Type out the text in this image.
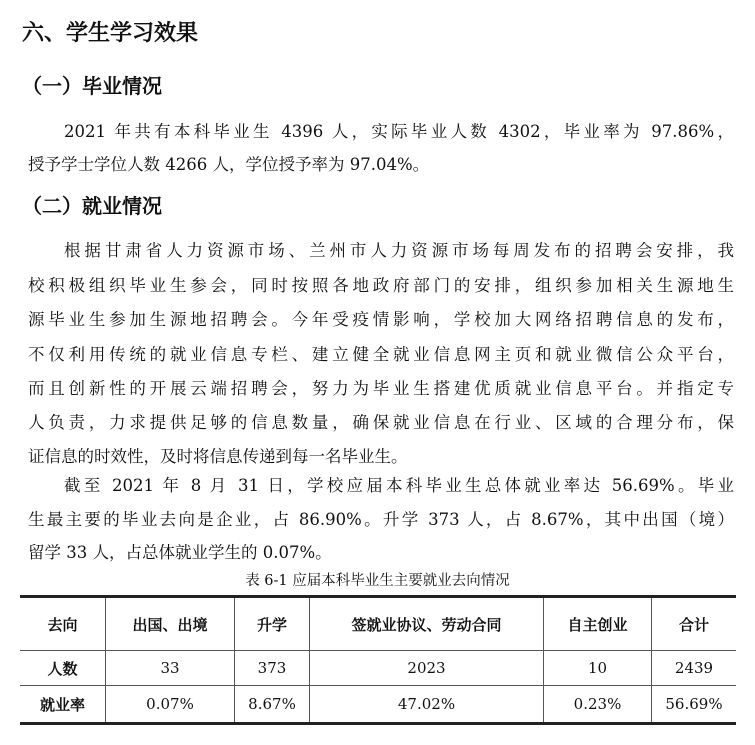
六、学生学习效果
（一）毕业情况
2021 年共有本科毕业生 4396 人，实际毕业人数 4302，毕业率为 97.86%，
授予学士学位人数 4266 人，学位授予率为 97.04%。
（二）就业情况
根据甘肃省人力资源市场、兰州市人力资源市场每周发布的招聘会安排，我
校积极组织毕业生参会，同时按照各地政府部门的安排，组织参加相关生源地生
源毕业生参加生源地招聘会。今年受疫情影响，学校加大网络招聘信息的发布，
不仅利用传统的就业信息专栏、建立健全就业信息网主页和就业微信公众平台，
而且创新性的开展云端招聘会，努力为毕业生搭建优质就业信息平台。并指定专
人负责，力求提供足够的信息数量，确保就业信息在行业、区域的合理分布，保
证信息的时效性，及时将信息传递到每一名毕业生。
截至 2021 年 8 月 31 日，学校应届本科毕业生总体就业率达 56.69%。毕业
生最主要的毕业去向是企业，占 86.90%。升学 373 人，占 8.67%，其中出国（境）
留学 33 人，占总体就业学生的 0.07%。
表 6-1 应届本科毕业生主要就业去向情况
去向	出国、出境	升学	签就业协议、劳动合同	自主创业	合计
人数	33	373	2023	10	2439
就业率	0.07%	8.67%	47.02%	0.23%	56.69%
